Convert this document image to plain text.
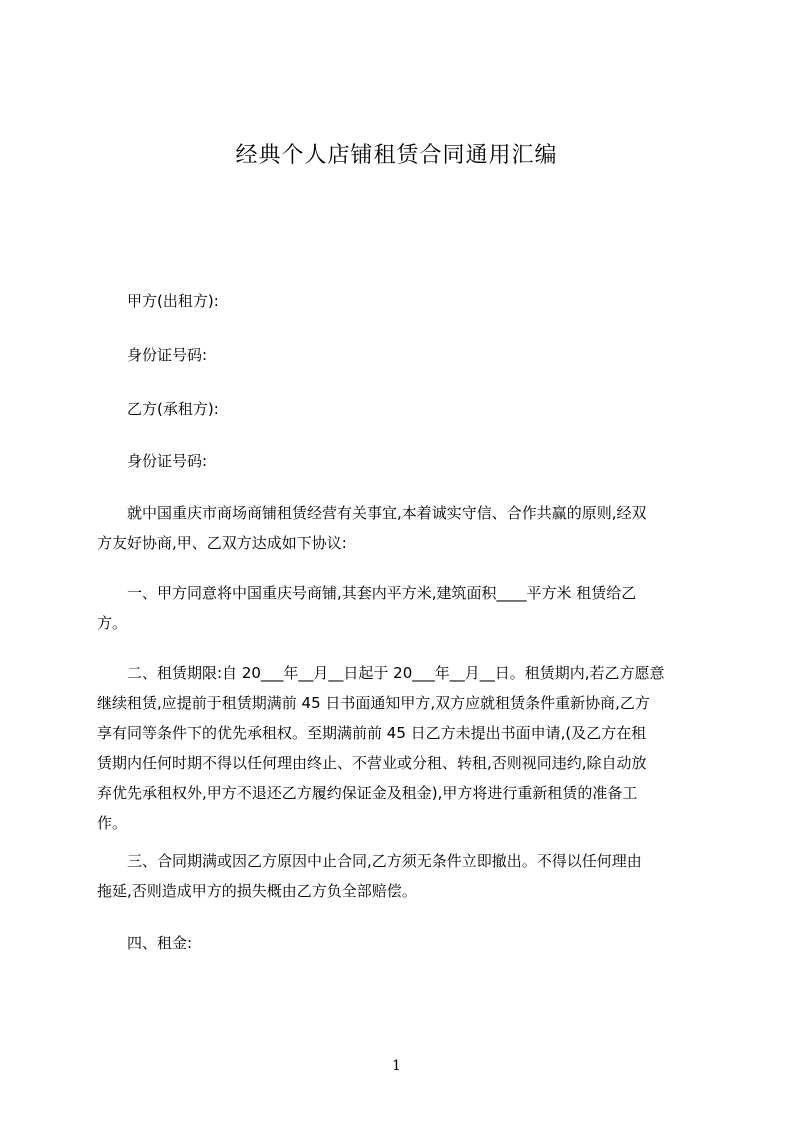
经典个人店铺租赁合同通用汇编

　　甲方(出租方):

　　身份证号码:

　　乙方(承租方):

　　身份证号码:

　　就中国重庆市商场商铺租赁经营有关事宜,本着诚实守信、合作共赢的原则,经双
方友好协商,甲、乙双方达成如下协议:

　　一、甲方同意将中国重庆号商铺,其套内平方米,建筑面积____平方米 租赁给乙
方。

　　二、租赁期限:自 20___年__月__日起于 20___年__月__日。租赁期内,若乙方愿意
继续租赁,应提前于租赁期满前 45 日书面通知甲方,双方应就租赁条件重新协商,乙方
享有同等条件下的优先承租权。至期满前前 45 日乙方未提出书面申请,(及乙方在租
赁期内任何时期不得以任何理由终止、不营业或分租、转租,否则视同违约,除自动放
弃优先承租权外,甲方不退还乙方履约保证金及租金),甲方将进行重新租赁的准备工
作。

　　三、合同期满或因乙方原因中止合同,乙方须无条件立即撤出。不得以任何理由
拖延,否则造成甲方的损失概由乙方负全部赔偿。

　　四、租金:

1
